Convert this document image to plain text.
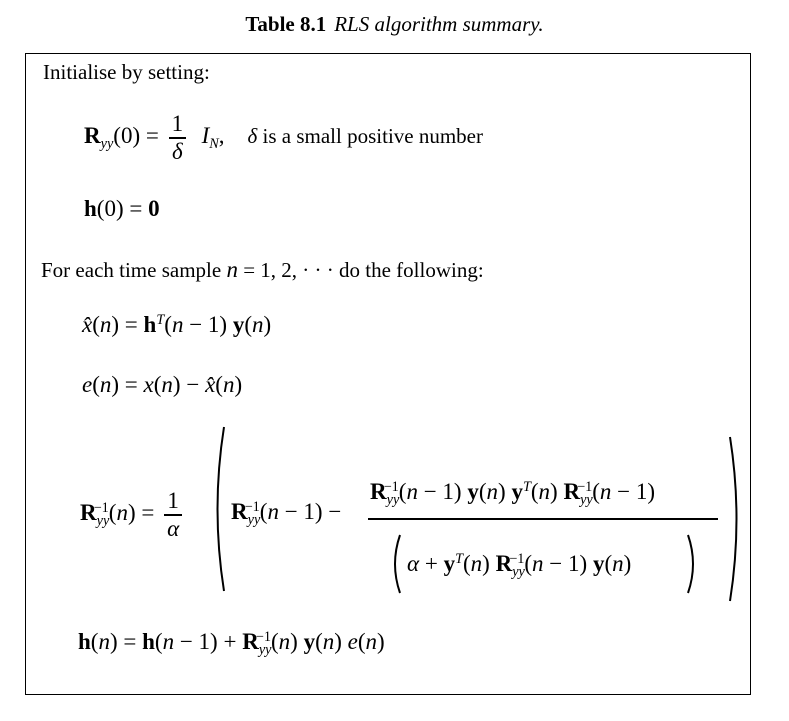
Table 8.1 RLS algorithm summary.
Initialise by setting:
$R_{yy}(0) = \frac{1}{\delta} I_N$,    δ is a small positive number
h(0) = 0
For each time sample n = 1, 2, · · · do the following:
x̂(n) = $h^T(n - 1)$ y(n)
e(n) = x(n) − x̂(n)
$R_{yy}^{-1}(n) = \frac{1}{\alpha} R_{yy}^{-1}(n - 1)$ −
$R_{yy}^{-1}(n - 1)$ y(n) $y^T(n) R_{yy}^{-1}(n - 1)$
$\alpha + y^T(n) R_{yy}^{-1}(n - 1)$ y(n)
$h(n) = h(n - 1) + R_{yy}^{-1}(n)$ y(n) e(n)
